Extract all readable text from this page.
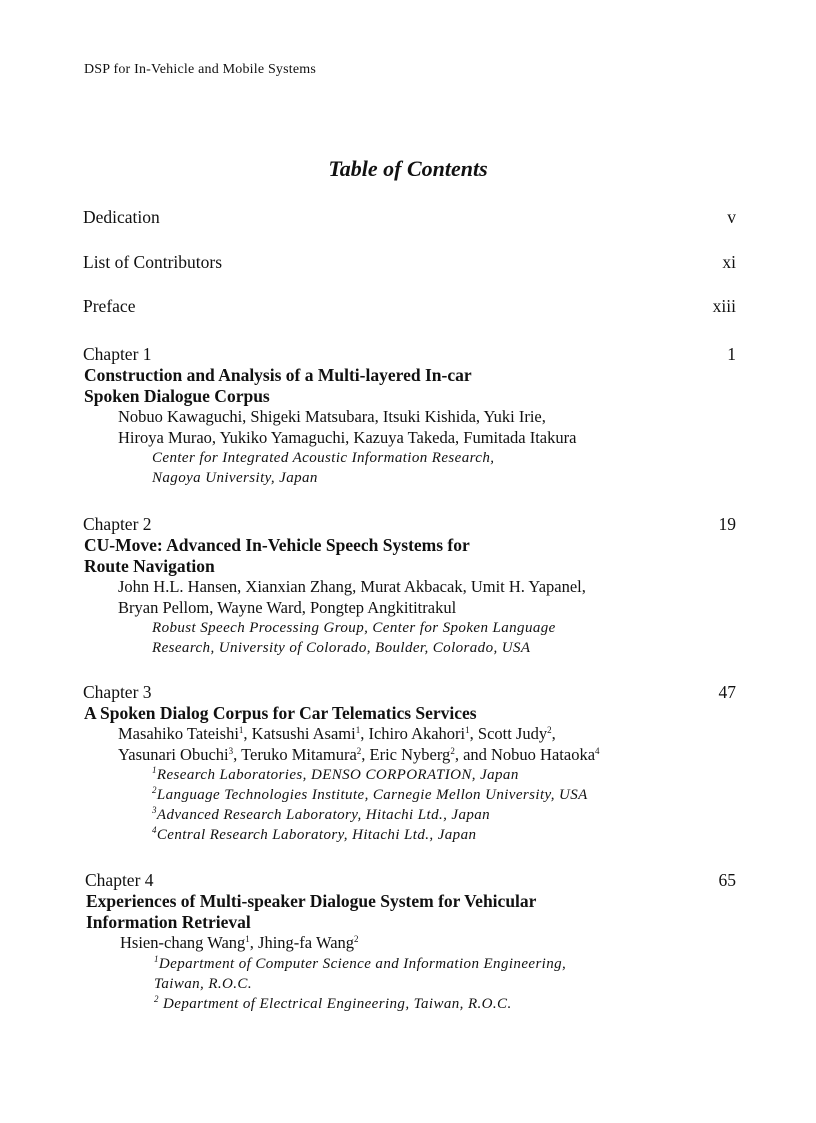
DSP for In-Vehicle and Mobile Systems
Table of Contents
Dedication	v
List of Contributors	xi
Preface	xiii
Chapter 1	1
Construction and Analysis of a Multi-layered In-car
Spoken Dialogue Corpus
Nobuo Kawaguchi, Shigeki Matsubara, Itsuki Kishida, Yuki Irie,
Hiroya Murao, Yukiko Yamaguchi, Kazuya Takeda, Fumitada Itakura
Center for Integrated Acoustic Information Research,
Nagoya University, Japan
Chapter 2	19
CU-Move: Advanced In-Vehicle Speech Systems for
Route Navigation
John H.L. Hansen, Xianxian Zhang, Murat Akbacak, Umit H. Yapanel,
Bryan Pellom, Wayne Ward, Pongtep Angkititrakul
Robust Speech Processing Group, Center for Spoken Language
Research, University of Colorado, Boulder, Colorado, USA
Chapter 3	47
A Spoken Dialog Corpus for Car Telematics Services
Masahiko Tateishi$^1$, Katsushi Asami$^1$, Ichiro Akahori$^1$, Scott Judy$^2$,
Yasunari Obuchi$^3$, Teruko Mitamura$^2$, Eric Nyberg$^2$, and Nobuo Hataoka$^4$
$^1$Research Laboratories, DENSO CORPORATION, Japan
$^2$Language Technologies Institute, Carnegie Mellon University, USA
$^3$Advanced Research Laboratory, Hitachi Ltd., Japan
$^4$Central Research Laboratory, Hitachi Ltd., Japan
Chapter 4	65
Experiences of Multi-speaker Dialogue System for Vehicular
Information Retrieval
Hsien-chang Wang$^1$, Jhing-fa Wang$^2$
$^1$Department of Computer Science and Information Engineering,
Taiwan, R.O.C.
$^2$ Department of Electrical Engineering, Taiwan, R.O.C.
